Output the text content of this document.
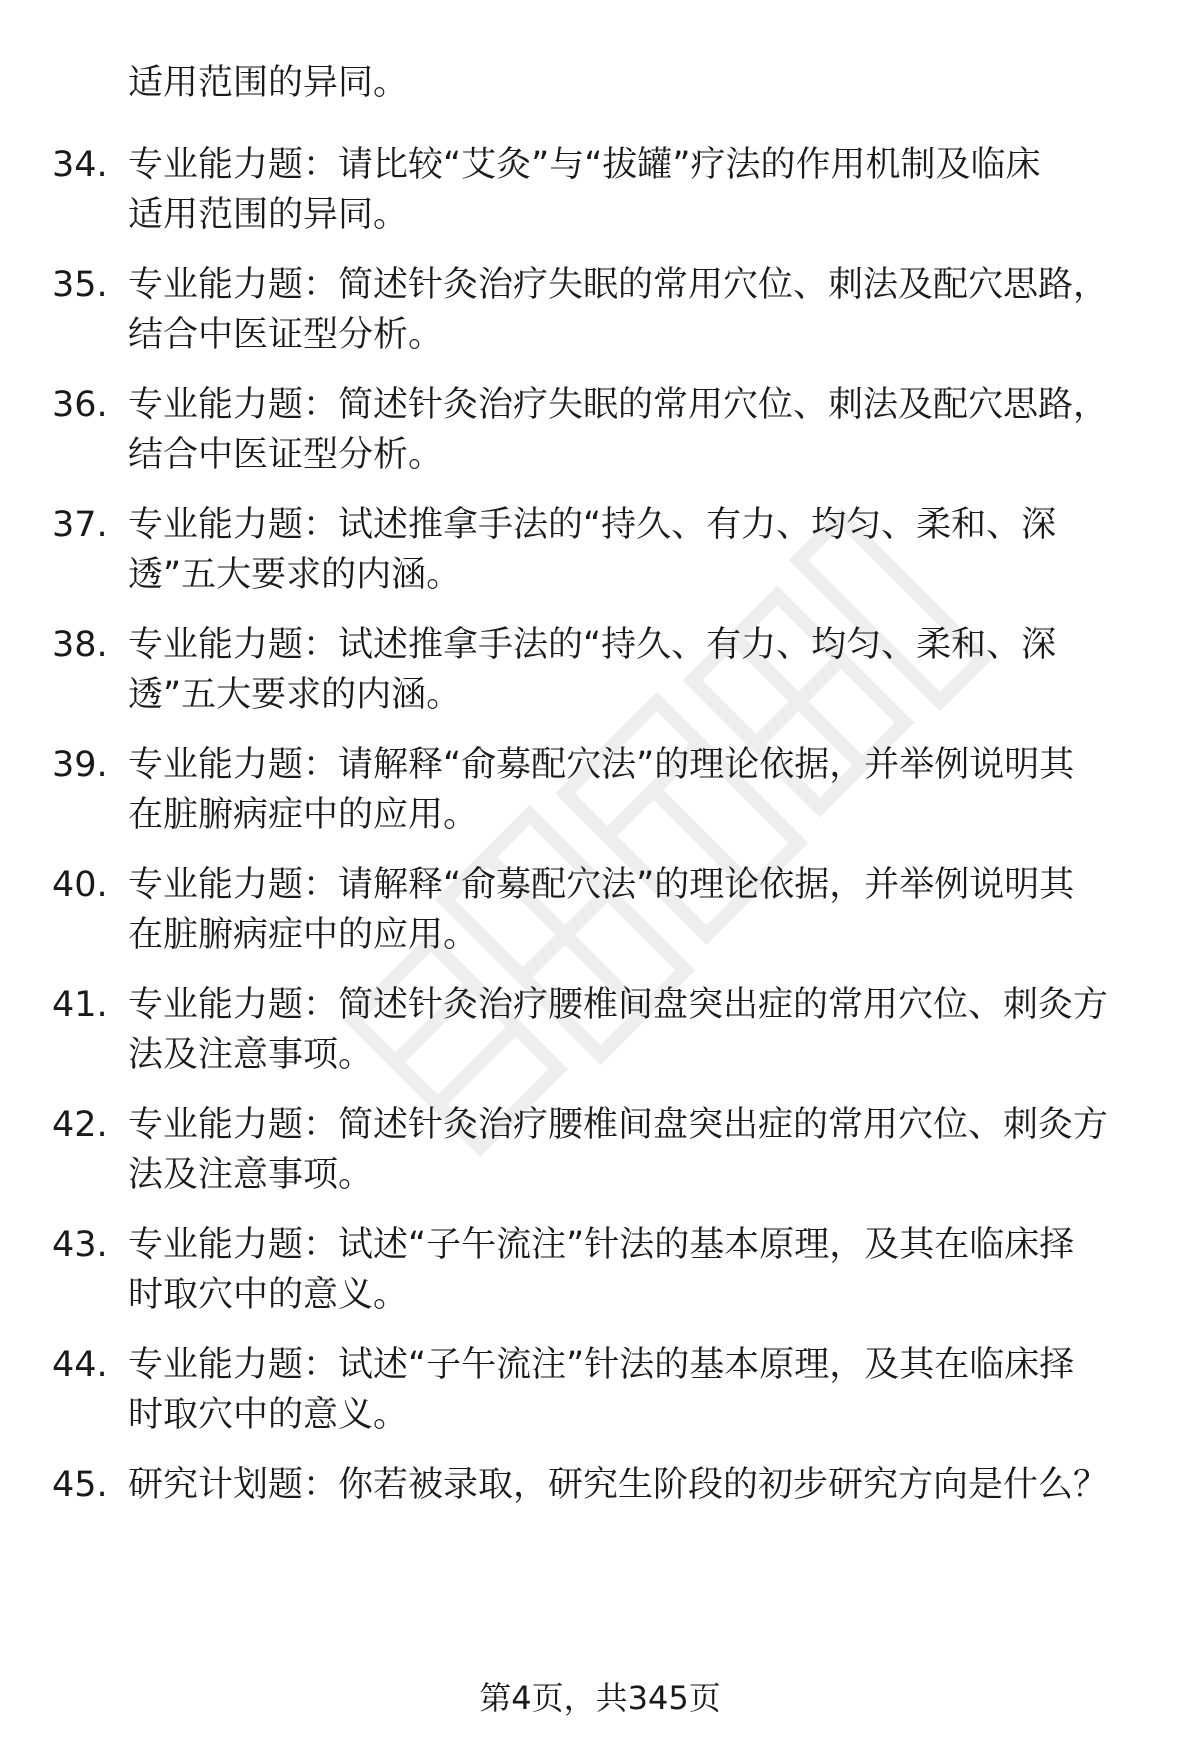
适用范围的异同。
34. 专业能力题：请比较“艾灸”与“拔罐”疗法的作用机制及临床
适用范围的异同。
35. 专业能力题：简述针灸治疗失眠的常用穴位、刺法及配穴思路，
结合中医证型分析。
36. 专业能力题：简述针灸治疗失眠的常用穴位、刺法及配穴思路，
结合中医证型分析。
37. 专业能力题：试述推拿手法的“持久、有力、均匀、柔和、深
透”五大要求的内涵。
38. 专业能力题：试述推拿手法的“持久、有力、均匀、柔和、深
透”五大要求的内涵。
39. 专业能力题：请解释“俞募配穴法”的理论依据，并举例说明其
在脏腑病症中的应用。
40. 专业能力题：请解释“俞募配穴法”的理论依据，并举例说明其
在脏腑病症中的应用。
41. 专业能力题：简述针灸治疗腰椎间盘突出症的常用穴位、刺灸方
法及注意事项。
42. 专业能力题：简述针灸治疗腰椎间盘突出症的常用穴位、刺灸方
法及注意事项。
43. 专业能力题：试述“子午流注”针法的基本原理，及其在临床择
时取穴中的意义。
44. 专业能力题：试述“子午流注”针法的基本原理，及其在临床择
时取穴中的意义。
45. 研究计划题：你若被录取，研究生阶段的初步研究方向是什么？
第4页，共345页
